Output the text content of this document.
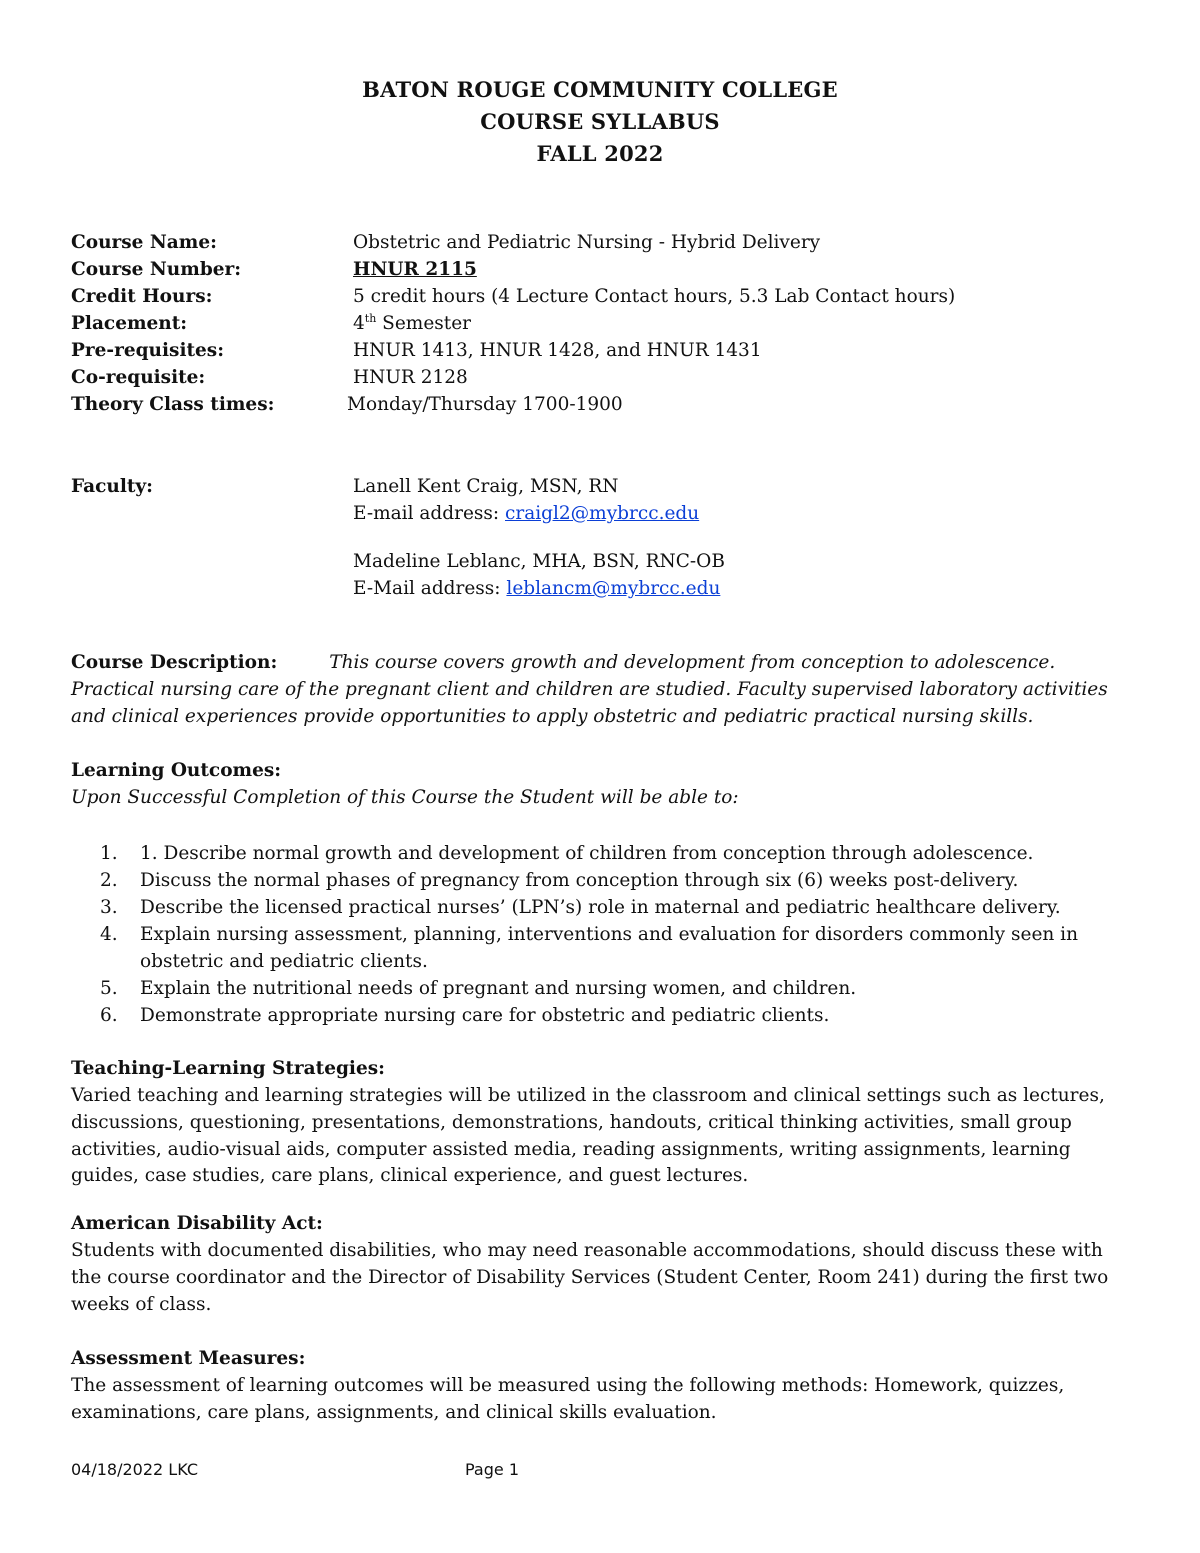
BATON ROUGE COMMUNITY COLLEGE
COURSE SYLLABUS
FALL 2022
Course Name:	Obstetric and Pediatric Nursing - Hybrid Delivery
Course Number:	HNUR 2115
Credit Hours:	5 credit hours (4 Lecture Contact hours, 5.3 Lab Contact hours)
Placement:	4th Semester
Pre-requisites:	HNUR 1413, HNUR 1428, and HNUR 1431
Co-requisite:	HNUR 2128
Theory Class times:	Monday/Thursday 1700-1900
Faculty:	Lanell Kent Craig, MSN, RN
E-mail address: craigl2@mybrcc.edu
Madeline Leblanc, MHA, BSN, RNC-OB
E-Mail address: leblancm@mybrcc.edu
Course Description:	This course covers growth and development from conception to adolescence. Practical nursing care of the pregnant client and children are studied. Faculty supervised laboratory activities and clinical experiences provide opportunities to apply obstetric and pediatric practical nursing skills.
Learning Outcomes:
Upon Successful Completion of this Course the Student will be able to:
1. 1. Describe normal growth and development of children from conception through adolescence.
2. Discuss the normal phases of pregnancy from conception through six (6) weeks post-delivery.
3. Describe the licensed practical nurses’ (LPN’s) role in maternal and pediatric healthcare delivery.
4. Explain nursing assessment, planning, interventions and evaluation for disorders commonly seen in obstetric and pediatric clients.
5. Explain the nutritional needs of pregnant and nursing women, and children.
6. Demonstrate appropriate nursing care for obstetric and pediatric clients.
Teaching-Learning Strategies:
Varied teaching and learning strategies will be utilized in the classroom and clinical settings such as lectures, discussions, questioning, presentations, demonstrations, handouts, critical thinking activities, small group activities, audio-visual aids, computer assisted media, reading assignments, writing assignments, learning guides, case studies, care plans, clinical experience, and guest lectures.
American Disability Act:
Students with documented disabilities, who may need reasonable accommodations, should discuss these with the course coordinator and the Director of Disability Services (Student Center, Room 241) during the first two weeks of class.
Assessment Measures:
The assessment of learning outcomes will be measured using the following methods: Homework, quizzes, examinations, care plans, assignments, and clinical skills evaluation.
04/18/2022 LKC	Page 1
